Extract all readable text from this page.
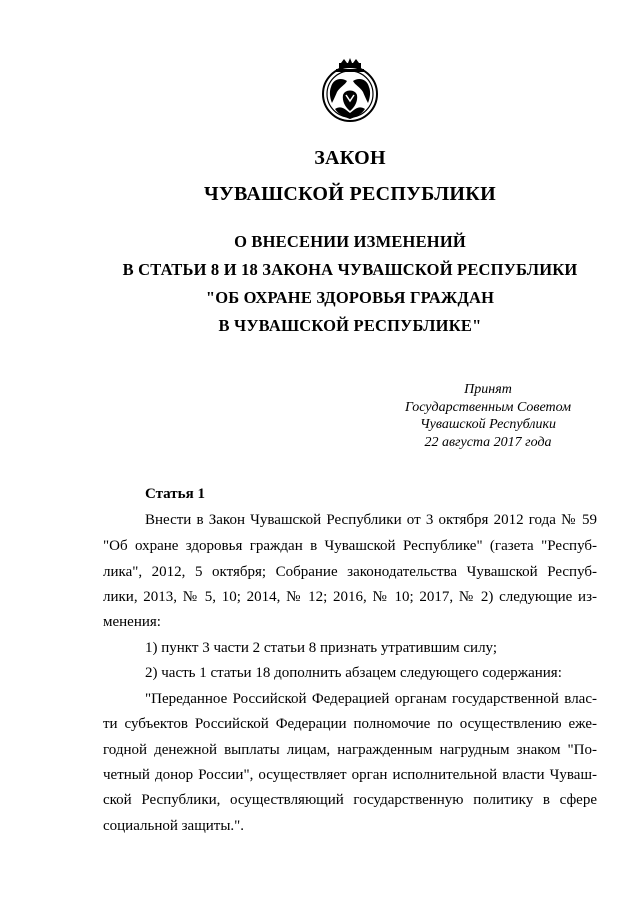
ЗАКОН
ЧУВАШСКОЙ РЕСПУБЛИКИ
О ВНЕСЕНИИ ИЗМЕНЕНИЙ
В СТАТЬИ 8 И 18 ЗАКОНА ЧУВАШСКОЙ РЕСПУБЛИКИ
"ОБ ОХРАНЕ ЗДОРОВЬЯ ГРАЖДАН
В ЧУВАШСКОЙ РЕСПУБЛИКЕ"
Принят
Государственным Советом
Чувашской Республики
22 августа 2017 года
Статья 1
Внести в Закон Чувашской Республики от 3 октября 2012 года № 59
"Об охране здоровья граждан в Чувашской Республике" (газета "Респуб-
лика", 2012, 5 октября; Собрание законодательства Чувашской Респуб-
лики, 2013, № 5, 10; 2014, № 12; 2016, № 10; 2017, № 2) следующие из-
менения:
1) пункт 3 части 2 статьи 8 признать утратившим силу;
2) часть 1 статьи 18 дополнить абзацем следующего содержания:
"Переданное Российской Федерацией органам государственной влас-
ти субъектов Российской Федерации полномочие по осуществлению еже-
годной денежной выплаты лицам, награжденным нагрудным знаком "По-
четный донор России", осуществляет орган исполнительной власти Чуваш-
ской Республики, осуществляющий государственную политику в сфере
социальной защиты.".
